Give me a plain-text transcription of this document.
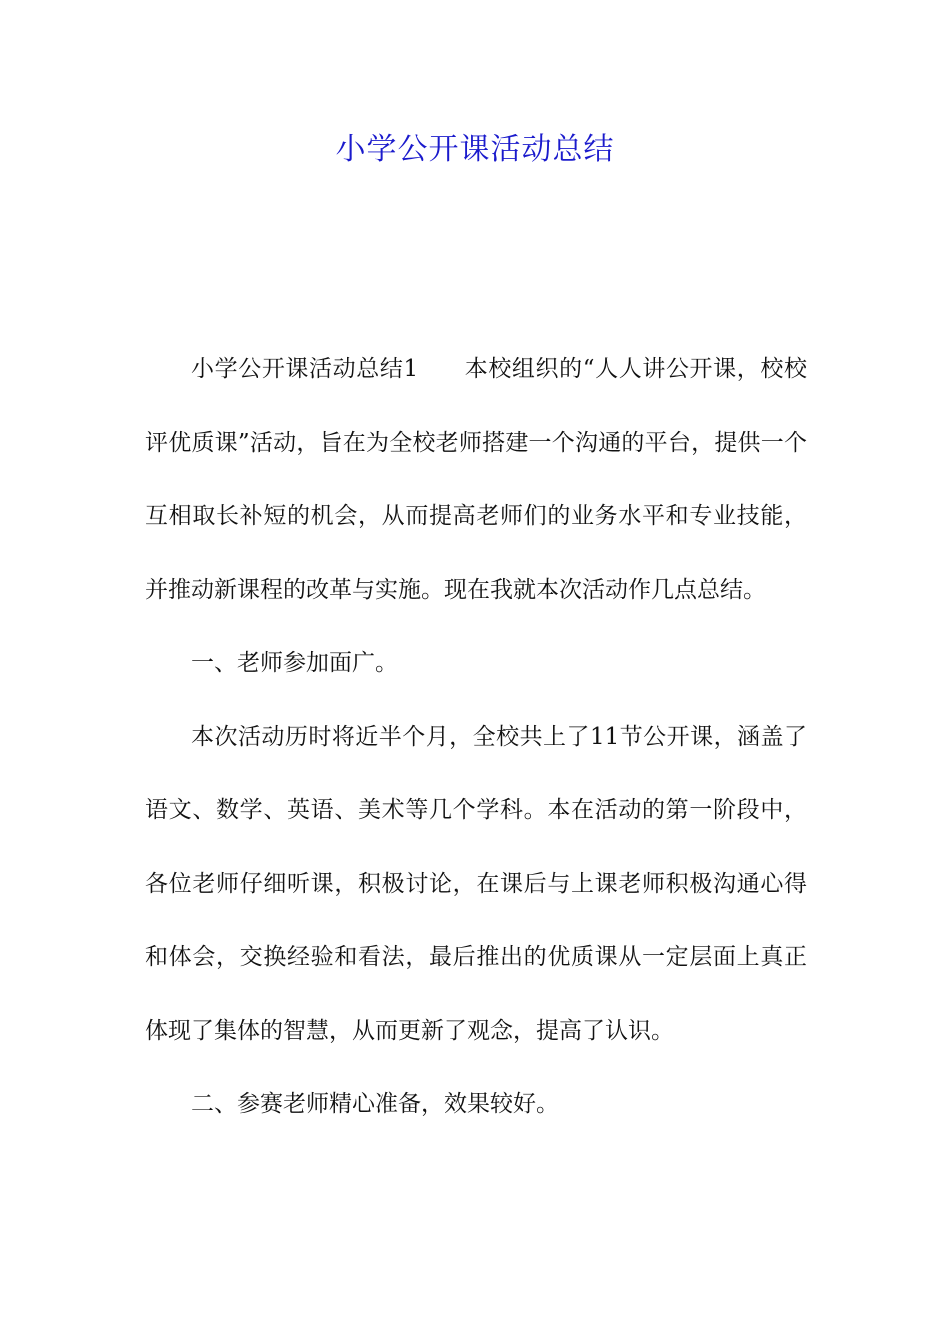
小学公开课活动总结

小学公开课活动总结1 本校组织的“人人讲公开课，校校评优质课”活动，旨在为全校老师搭建一个沟通的平台，提供一个互相取长补短的机会，从而提高老师们的业务水平和专业技能，并推动新课程的改革与实施。现在我就本次活动作几点总结。

一、老师参加面广。

本次活动历时将近半个月，全校共上了11节公开课，涵盖了语文、数学、英语、美术等几个学科。本在活动的第一阶段中，各位老师仔细听课，积极讨论，在课后与上课老师积极沟通心得和体会，交换经验和看法，最后推出的优质课从一定层面上真正体现了集体的智慧，从而更新了观念，提高了认识。

二、参赛老师精心准备，效果较好。
